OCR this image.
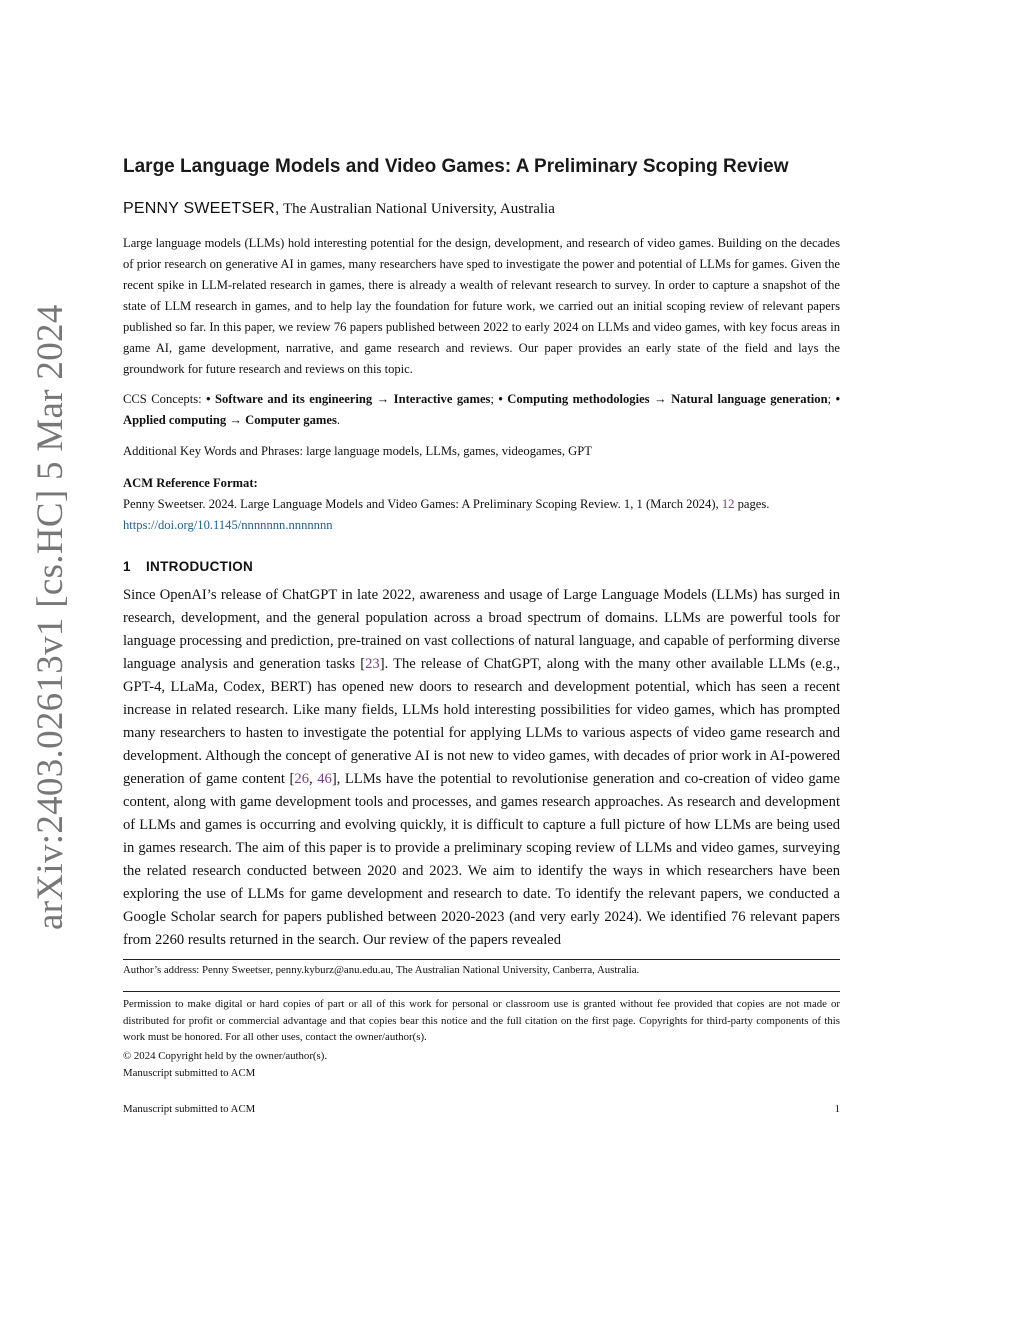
arXiv:2403.02613v1 [cs.HC] 5 Mar 2024
Large Language Models and Video Games: A Preliminary Scoping Review
PENNY SWEETSER, The Australian National University, Australia
Large language models (LLMs) hold interesting potential for the design, development, and research of video games. Building on the decades of prior research on generative AI in games, many researchers have sped to investigate the power and potential of LLMs for games. Given the recent spike in LLM-related research in games, there is already a wealth of relevant research to survey. In order to capture a snapshot of the state of LLM research in games, and to help lay the foundation for future work, we carried out an initial scoping review of relevant papers published so far. In this paper, we review 76 papers published between 2022 to early 2024 on LLMs and video games, with key focus areas in game AI, game development, narrative, and game research and reviews. Our paper provides an early state of the field and lays the groundwork for future research and reviews on this topic.
CCS Concepts: • Software and its engineering → Interactive games; • Computing methodologies → Natural language generation; • Applied computing → Computer games.
Additional Key Words and Phrases: large language models, LLMs, games, videogames, GPT
ACM Reference Format:
Penny Sweetser. 2024. Large Language Models and Video Games: A Preliminary Scoping Review. 1, 1 (March 2024), 12 pages.
https://doi.org/10.1145/nnnnnnn.nnnnnnn
1 INTRODUCTION
Since OpenAI’s release of ChatGPT in late 2022, awareness and usage of Large Language Models (LLMs) has surged in research, development, and the general population across a broad spectrum of domains. LLMs are powerful tools for language processing and prediction, pre-trained on vast collections of natural language, and capable of performing diverse language analysis and generation tasks [23]. The release of ChatGPT, along with the many other available LLMs (e.g., GPT-4, LLaMa, Codex, BERT) has opened new doors to research and development potential, which has seen a recent increase in related research. Like many fields, LLMs hold interesting possibilities for video games, which has prompted many researchers to hasten to investigate the potential for applying LLMs to various aspects of video game research and development. Although the concept of generative AI is not new to video games, with decades of prior work in AI-powered generation of game content [26, 46], LLMs have the potential to revolutionise generation and co-creation of video game content, along with game development tools and processes, and games research approaches. As research and development of LLMs and games is occurring and evolving quickly, it is difficult to capture a full picture of how LLMs are being used in games research. The aim of this paper is to provide a preliminary scoping review of LLMs and video games, surveying the related research conducted between 2020 and 2023. We aim to identify the ways in which researchers have been exploring the use of LLMs for game development and research to date. To identify the relevant papers, we conducted a Google Scholar search for papers published between 2020-2023 (and very early 2024). We identified 76 relevant papers from 2260 results returned in the search. Our review of the papers revealed
Author’s address: Penny Sweetser, penny.kyburz@anu.edu.au, The Australian National University, Canberra, Australia.
Permission to make digital or hard copies of part or all of this work for personal or classroom use is granted without fee provided that copies are not made or distributed for profit or commercial advantage and that copies bear this notice and the full citation on the first page. Copyrights for third-party components of this work must be honored. For all other uses, contact the owner/author(s).
© 2024 Copyright held by the owner/author(s).
Manuscript submitted to ACM
Manuscript submitted to ACM	1
